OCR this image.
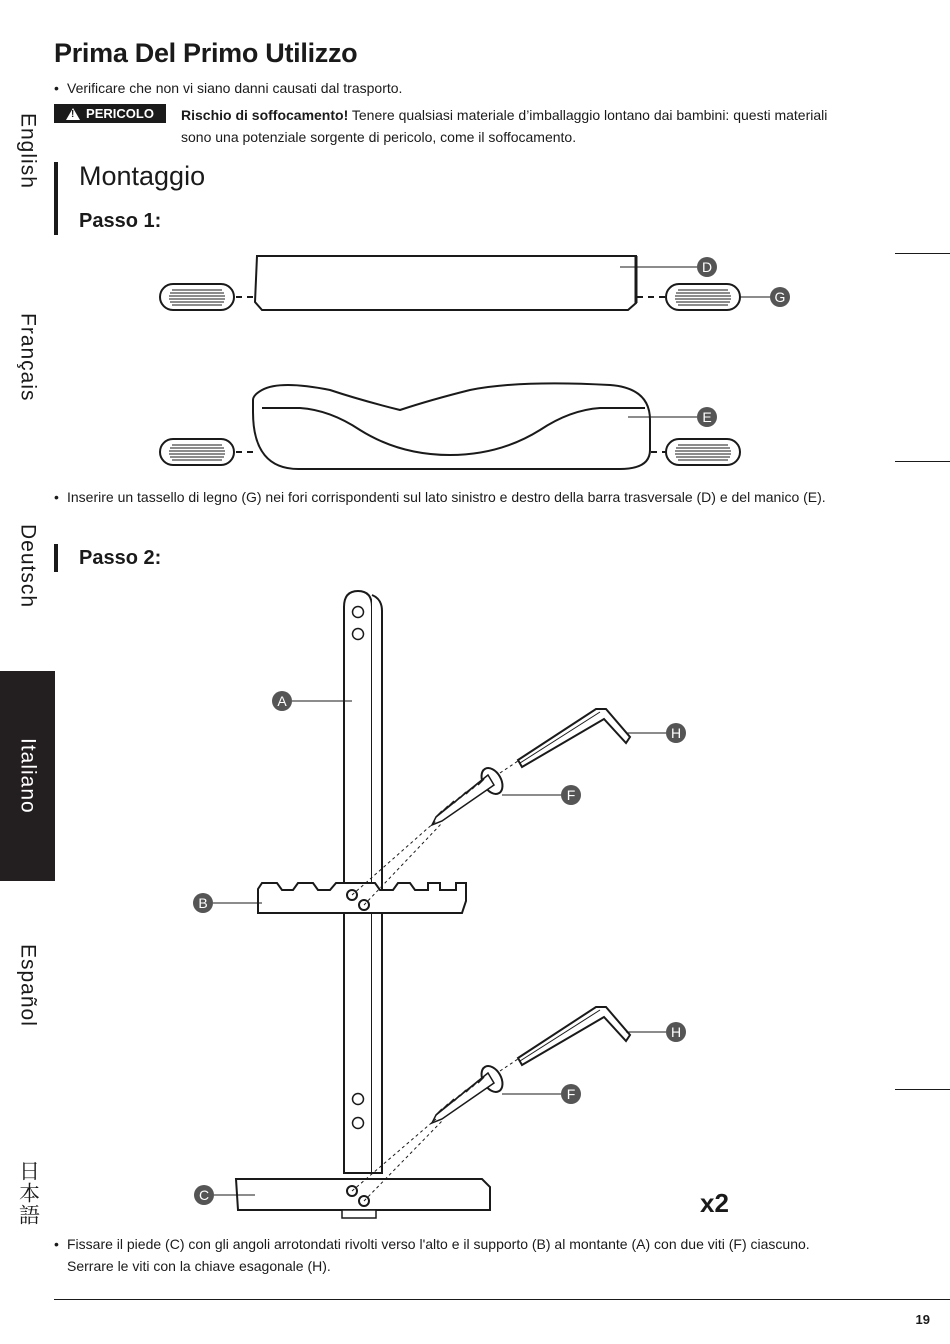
Prima Del Primo Utilizzo
• Verificare che non vi siano danni causati dal trasporto.
! PERICOLO Rischio di soffocamento! Tenere qualsiasi materiale d’imballaggio lontano dai bambini: questi materiali sono una potenziale sorgente di pericolo, come il soffocamento.
Montaggio
Passo 1:
D
G
E
• Inserire un tassello di legno (G) nei fori corrispondenti sul lato sinistro e destro della barra trasversale (D) e del manico (E).
Passo 2:
A
B
C
F
F
H
H
x2
• Fissare il piede (C) con gli angoli arrotondati rivolti verso l'alto e il supporto (B) al montante (A) con due viti (F) ciascuno. Serrare le viti con la chiave esagonale (H).
English
Français
Deutsch
Italiano
Español
日本語
19
